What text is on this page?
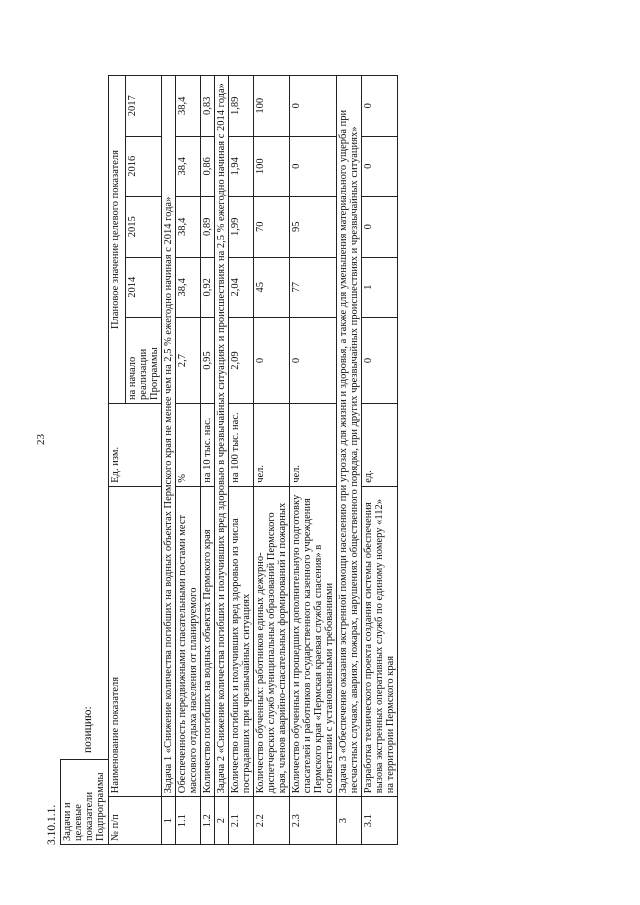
23
Задачи и целевые показатели Подпрограммы
3.10.1.1.
позицию:
№ п/п	Наименование показателя	Ед. изм.	Плановое значение целевого показателя				
			на начало реализации Программы	2014	2015	2016	2017
1	Задача 1 «Снижение количества погибших на водных объектах Пермского края не менее чем на 2,5 % ежегодно начиная с 2014 года»						
1.1	Обеспеченность передвижными спасательными постами мест массового отдыха населения от планируемого	%	2,7	38,4	38,4	38,4	38,4
1.2	Количество погибших на водных объектах Пермского края	на 10 тыс. нас.	0,95	0,92	0,89	0,86	0,83
2	Задача 2 «Снижение количества погибших и получивших вред здоровью в чрезвычайных ситуациях и происшествиях на 2,5 % ежегодно начиная с 2014 года»						
2.1	Количество погибших и получивших вред здоровью из числа пострадавших при чрезвычайных ситуациях	на 100 тыс. нас.	2,09	2,04	1,99	1,94	1,89
2.2	Количество обученных: работников единых дежурно-диспетчерских служб муниципальных образований Пермского края, членов аварийно-спасательных формирований и пожарных	чел.	0	45	70	100	100
2.3	Количество обученных и прошедших дополнительную подготовку спасателей и работников государственного казенного учреждения Пермского края «Пермская краевая служба спасения» в соответствии с установленными требованиями	чел.	0	77	95	0	0
3	Задача 3 «Обеспечение оказания экстренной помощи населению при угрозах для жизни и здоровья, а также для уменьшения материального ущерба при несчастных случаях, авариях, пожарах, нарушениях общественного порядка, при других чрезвычайных происшествиях и чрезвычайных ситуациях»						
3.1	Разработка технического проекта создания системы обеспечения вызова экстренных оперативных служб по единому номеру «112» на территории Пермского края	ед.	0	1	0	0	0
